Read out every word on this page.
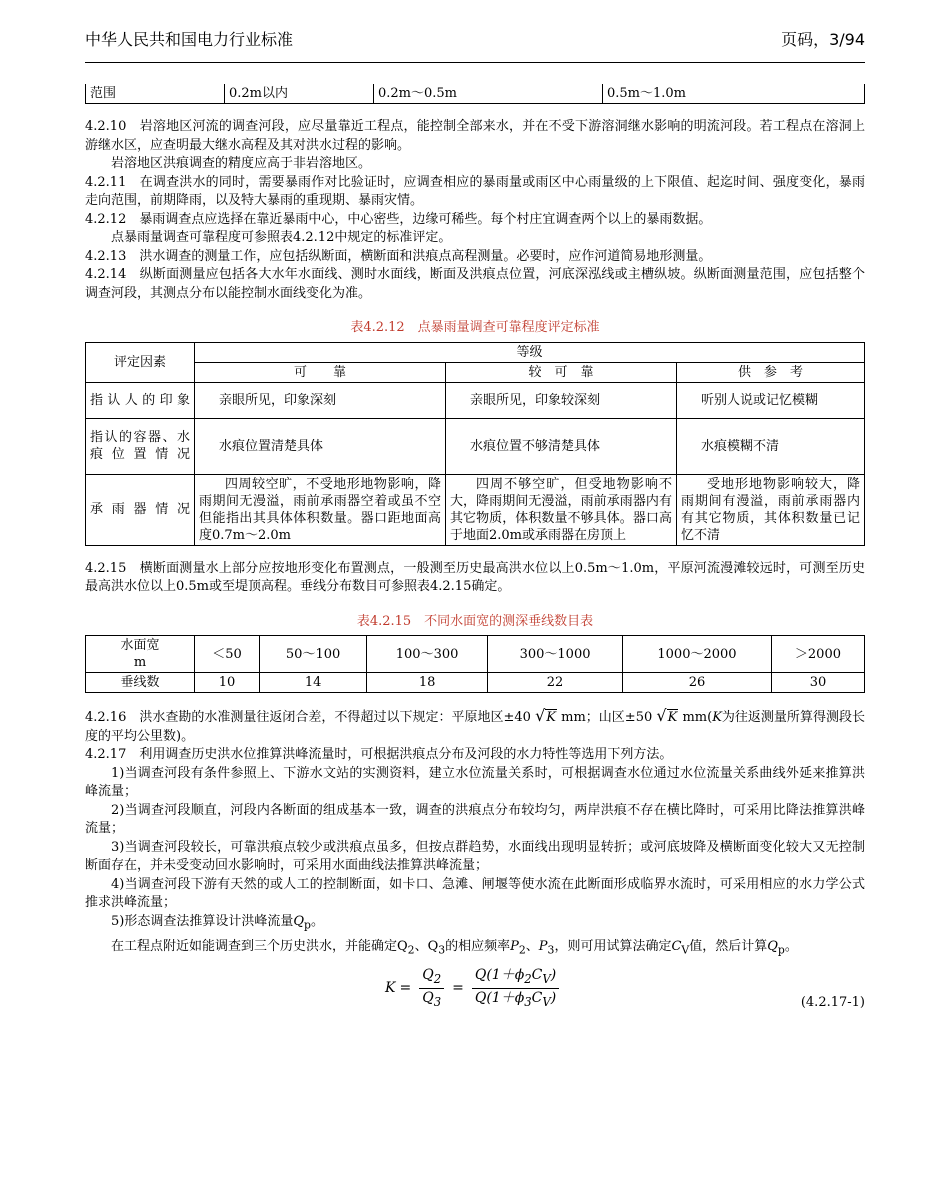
中华人民共和国电力行业标准	页码，3/94
范围	0.2m以内	0.2m～0.5m	0.5m～1.0m

4.2.10　岩溶地区河流的调查河段，应尽量靠近工程点，能控制全部来水，并在不受下游溶洞继水影响的明流河段。若工程点在溶洞上游继水区，应查明最大继水高程及其对洪水过程的影响。

岩溶地区洪痕调查的精度应高于非岩溶地区。

4.2.11　在调查洪水的同时，需要暴雨作对比验证时，应调查相应的暴雨量或雨区中心雨量级的上下限值、起迄时间、强度变化，暴雨走向范围，前期降雨，以及特大暴雨的重现期、暴雨灾情。

4.2.12　暴雨调查点应选择在靠近暴雨中心，中心密些，边缘可稀些。每个村庄宜调查两个以上的暴雨数据。

点暴雨量调查可靠程度可参照表4.2.12中规定的标准评定。

4.2.13　洪水调查的测量工作，应包括纵断面，横断面和洪痕点高程测量。必要时，应作河道简易地形测量。

4.2.14　纵断面测量应包括各大水年水面线、测时水面线，断面及洪痕点位置，河底深泓线或主槽纵坡。纵断面测量范围，应包括整个调查河段，其测点分布以能控制水面线变化为准。

表4.2.12　点暴雨量调查可靠程度评定标准
评定因素	等级		
	可　　靠	较　可　靠	供　参　考
指认人的印象	亲眼所见，印象深刻	亲眼所见，印象较深刻	听别人说或记忆模糊
指认的容器、水痕位置情况	水痕位置清楚具体	水痕位置不够清楚具体	水痕模糊不清
承雨器情况	四周较空旷，不受地形地物影响，降雨期间无漫溢，雨前承雨器空着或虽不空但能指出其具体体积数量。器口距地面高度0.7m～2.0m	四周不够空旷，但受地物影响不大，降雨期间无漫溢，雨前承雨器内有其它物质，体积数量不够具体。器口高于地面2.0m或承雨器在房顶上	受地形地物影响较大，降雨期间有漫溢，雨前承雨器内有其它物质，其体积数量已记忆不清

4.2.15　横断面测量水上部分应按地形变化布置测点，一般测至历史最高洪水位以上0.5m～1.0m，平原河流漫滩较远时，可测至历史最高洪水位以上0.5m或至堤顶高程。垂线分布数目可参照表4.2.15确定。

表4.2.15　不同水面宽的测深垂线数目表
水面宽
m	＜50	50～100	100～300	300～1000	1000～2000	＞2000
垂线数	10	14	18	22	26	30

4.2.16　洪水查勘的水准测量往返闭合差，不得超过以下规定：平原地区±40 √K mm；山区±50 √K mm(K为往返测量所算得测段长度的平均公里数)。

4.2.17　利用调查历史洪水位推算洪峰流量时，可根据洪痕点分布及河段的水力特性等选用下列方法。

1)当调查河段有条件参照上、下游水文站的实测资料，建立水位流量关系时，可根据调查水位通过水位流量关系曲线外延来推算洪峰流量；

2)当调查河段顺直，河段内各断面的组成基本一致，调查的洪痕点分布较均匀，两岸洪痕不存在横比降时，可采用比降法推算洪峰流量；

3)当调查河段较长，可靠洪痕点较少或洪痕点虽多，但按点群趋势，水面线出现明显转折；或河底坡降及横断面变化较大又无控制断面存在，并未受变动回水影响时，可采用水面曲线法推算洪峰流量；

4)当调查河段下游有天然的或人工的控制断面，如卡口、急滩、闸堰等使水流在此断面形成临界水流时，可采用相应的水力学公式推求洪峰流量；

5)形态调查法推算设计洪峰流量$Q_p$。

在工程点附近如能调查到三个历史洪水，并能确定$Q_2$、$Q_3$的相应频率$P_2$、$P_3$，则可用试算法确定$C_V$值，然后计算$Q_p$。

$K = \frac{Q_2}{Q_3} = \frac{Q(1+\phi_2C_V)}{Q(1+\phi_3C_V)}$	(4.2.17-1)
